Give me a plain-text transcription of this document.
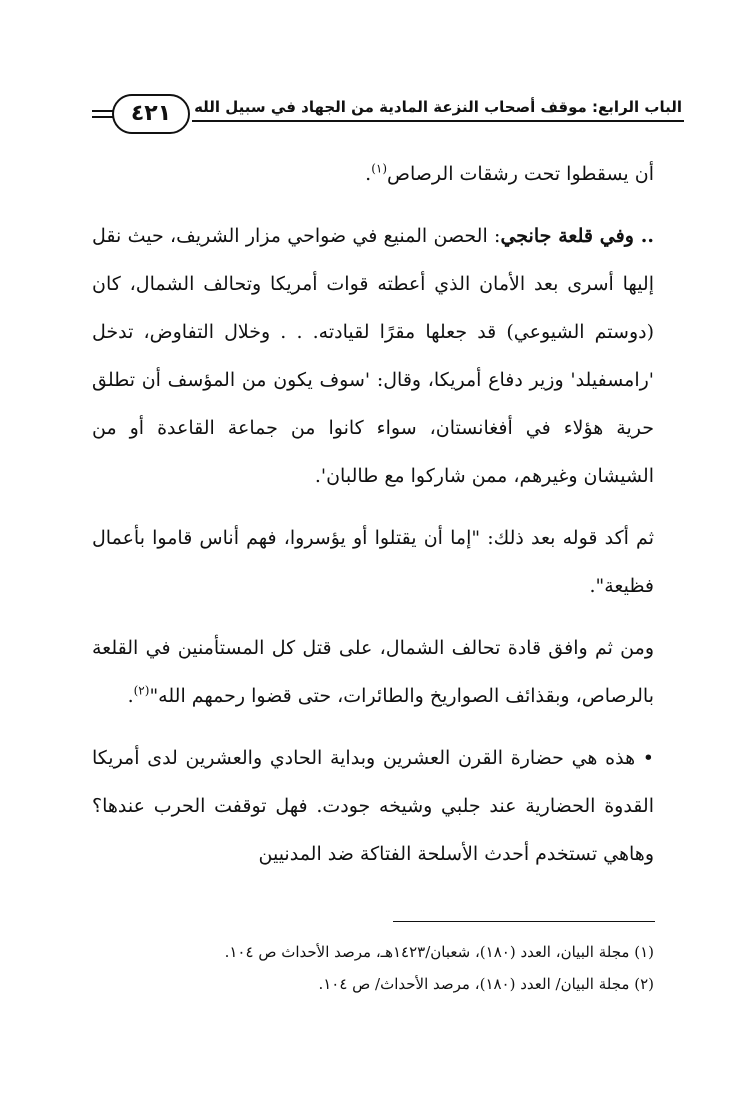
٤٢١	الباب الرابع: موقف أصحاب النزعة المادية من الجهاد في سبيل الله

أن يسقطوا تحت رشقات الرصاص$^{(١)}$.

.. وفي قلعة جانجي: الحصن المنيع في ضواحي مزار الشريف، حيث نقل إليها أسرى بعد الأمان الذي أعطته قوات أمريكا وتحالف الشمال، كان (دوستم الشيوعي) قد جعلها مقرًا لقيادته. . . وخلال التفاوض، تدخل 'رامسفيلد' وزير دفاع أمريكا، وقال: 'سوف يكون من المؤسف أن تطلق حرية هؤلاء في أفغانستان، سواء كانوا من جماعة القاعدة أو من الشيشان وغيرهم، ممن شاركوا مع طالبان'.

ثم أكد قوله بعد ذلك: "إما أن يقتلوا أو يؤسروا، فهم أناس قاموا بأعمال فظيعة".

ومن ثم وافق قادة تحالف الشمال، على قتل كل المستأمنين في القلعة بالرصاص، وبقذائف الصواريخ والطائرات، حتى قضوا رحمهم الله"$^{(٢)}$.

• هذه هي حضارة القرن العشرين وبداية الحادي والعشرين لدى أمريكا القدوة الحضارية عند جلبي وشيخه جودت. فهل توقفت الحرب عندها؟ وهاهي تستخدم أحدث الأسلحة الفتاكة ضد المدنيين

(١) مجلة البيان، العدد (١٨٠)، شعبان/١٤٢٣هـ، مرصد الأحداث ص ١٠٤.

(٢) مجلة البيان/ العدد (١٨٠)، مرصد الأحداث/ ص ١٠٤.
